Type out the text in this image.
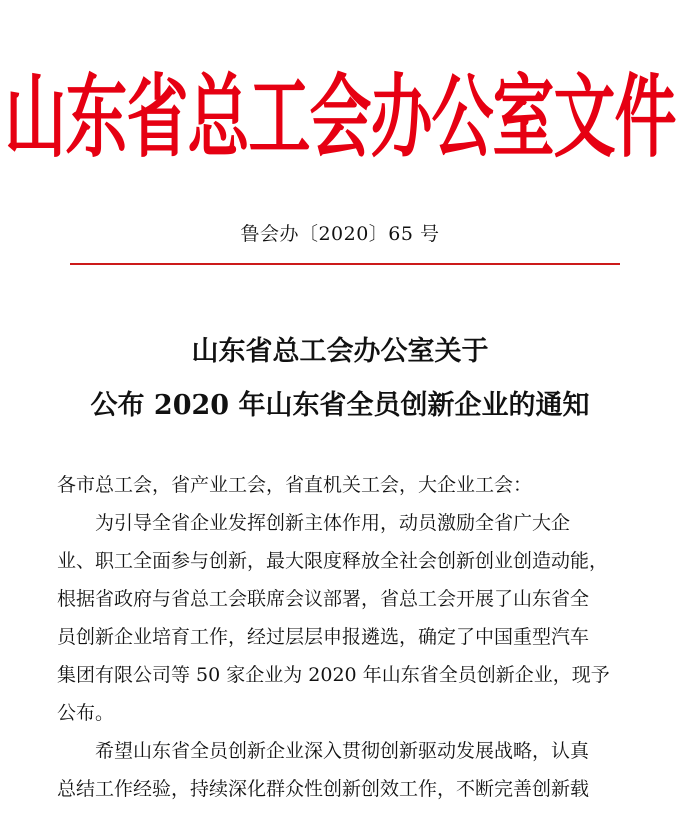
山东省总工会办公室文件
鲁会办〔2020〕65 号
山东省总工会办公室关于
公布 2020 年山东省全员创新企业的通知
各市总工会，省产业工会，省直机关工会，大企业工会：
为引导全省企业发挥创新主体作用，动员激励全省广大企
业、职工全面参与创新，最大限度释放全社会创新创业创造动能，
根据省政府与省总工会联席会议部署，省总工会开展了山东省全
员创新企业培育工作，经过层层申报遴选，确定了中国重型汽车
集团有限公司等 50 家企业为 2020 年山东省全员创新企业，现予
公布。
希望山东省全员创新企业深入贯彻创新驱动发展战略，认真
总结工作经验，持续深化群众性创新创效工作，不断完善创新载
